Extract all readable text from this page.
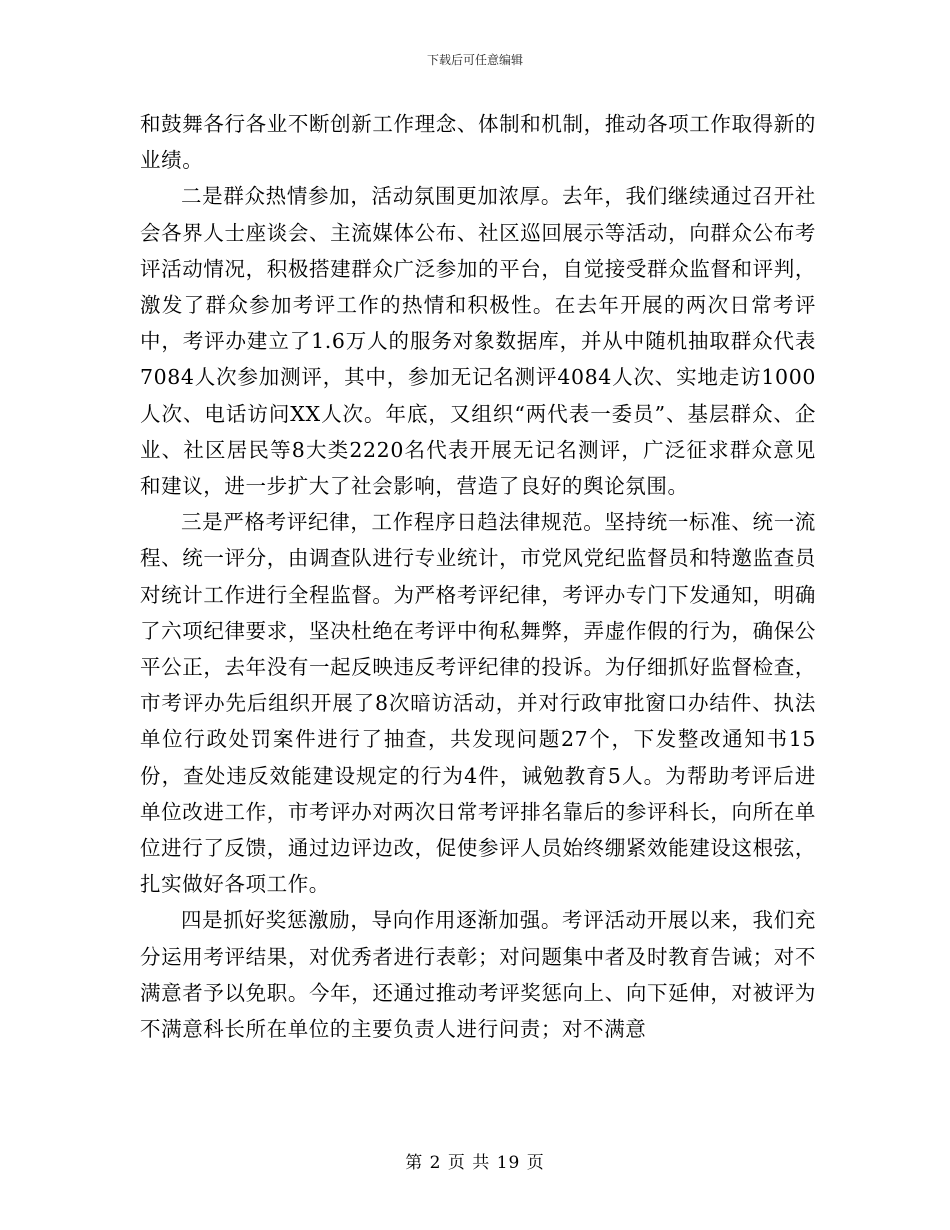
下载后可任意编辑

和鼓舞各行各业不断创新工作理念、体制和机制，推动各项工作取得新的业绩。

二是群众热情参加，活动氛围更加浓厚。去年，我们继续通过召开社会各界人士座谈会、主流媒体公布、社区巡回展示等活动，向群众公布考评活动情况，积极搭建群众广泛参加的平台，自觉接受群众监督和评判，激发了群众参加考评工作的热情和积极性。在去年开展的两次日常考评中，考评办建立了1.6万人的服务对象数据库，并从中随机抽取群众代表7084人次参加测评，其中，参加无记名测评4084人次、实地走访1000人次、电话访问XX人次。年底，又组织“两代表一委员”、基层群众、企业、社区居民等8大类2220名代表开展无记名测评，广泛征求群众意见和建议，进一步扩大了社会影响，营造了良好的舆论氛围。

三是严格考评纪律，工作程序日趋法律规范。坚持统一标准、统一流程、统一评分，由调查队进行专业统计，市党风党纪监督员和特邀监查员对统计工作进行全程监督。为严格考评纪律，考评办专门下发通知，明确了六项纪律要求，坚决杜绝在考评中徇私舞弊，弄虚作假的行为，确保公平公正，去年没有一起反映违反考评纪律的投诉。为仔细抓好监督检查，市考评办先后组织开展了8次暗访活动，并对行政审批窗口办结件、执法单位行政处罚案件进行了抽查，共发现问题27个，下发整改通知书15份，查处违反效能建设规定的行为4件，诫勉教育5人。为帮助考评后进单位改进工作，市考评办对两次日常考评排名靠后的参评科长，向所在单位进行了反馈，通过边评边改，促使参评人员始终绷紧效能建设这根弦，扎实做好各项工作。

四是抓好奖惩激励，导向作用逐渐加强。考评活动开展以来，我们充分运用考评结果，对优秀者进行表彰；对问题集中者及时教育告诫；对不满意者予以免职。今年，还通过推动考评奖惩向上、向下延伸，对被评为不满意科长所在单位的主要负责人进行问责；对不满意

第 2 页 共 19 页
